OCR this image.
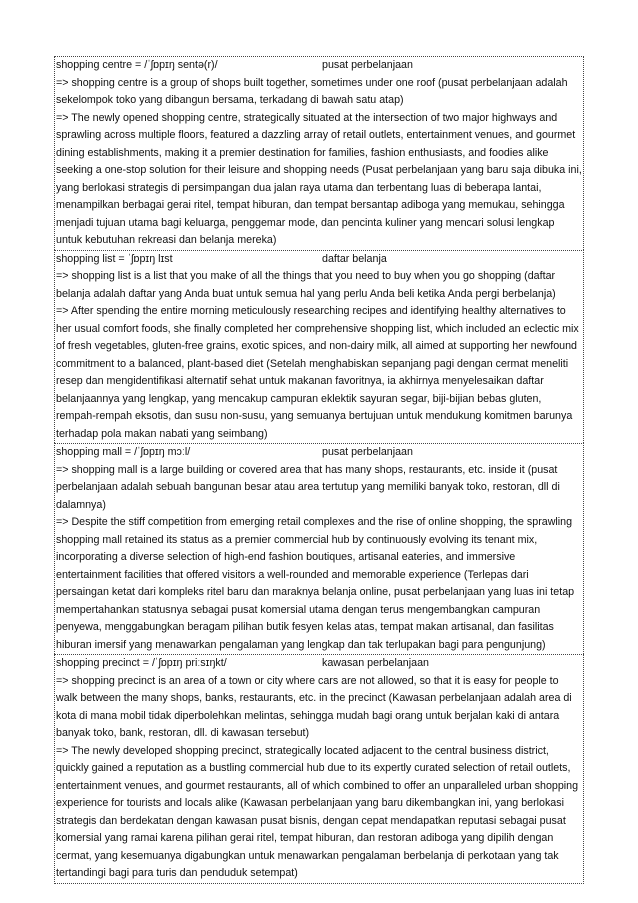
shopping centre = /ˈʃɒpɪŋ sentə(r)/	pusat perbelanjaan

=> shopping centre is a group of shops built together, sometimes under one roof (pusat perbelanjaan adalah sekelompok toko yang dibangun bersama, terkadang di bawah satu atap)

=> The newly opened shopping centre, strategically situated at the intersection of two major highways and sprawling across multiple floors, featured a dazzling array of retail outlets, entertainment venues, and gourmet dining establishments, making it a premier destination for families, fashion enthusiasts, and foodies alike seeking a one-stop solution for their leisure and shopping needs (Pusat perbelanjaan yang baru saja dibuka ini, yang berlokasi strategis di persimpangan dua jalan raya utama dan terbentang luas di beberapa lantai, menampilkan berbagai gerai ritel, tempat hiburan, dan tempat bersantap adiboga yang memukau, sehingga menjadi tujuan utama bagi keluarga, penggemar mode, dan pencinta kuliner yang mencari solusi lengkap untuk kebutuhan rekreasi dan belanja mereka)

shopping list = ˈʃɒpɪŋ lɪst	daftar belanja

=> shopping list is a list that you make of all the things that you need to buy when you go shopping (daftar belanja adalah daftar yang Anda buat untuk semua hal yang perlu Anda beli ketika Anda pergi berbelanja)

=> After spending the entire morning meticulously researching recipes and identifying healthy alternatives to her usual comfort foods, she finally completed her comprehensive shopping list, which included an eclectic mix of fresh vegetables, gluten-free grains, exotic spices, and non-dairy milk, all aimed at supporting her newfound commitment to a balanced, plant-based diet (Setelah menghabiskan sepanjang pagi dengan cermat meneliti resep dan mengidentifikasi alternatif sehat untuk makanan favoritnya, ia akhirnya menyelesaikan daftar belanjaannya yang lengkap, yang mencakup campuran eklektik sayuran segar, biji-bijian bebas gluten, rempah-rempah eksotis, dan susu non-susu, yang semuanya bertujuan untuk mendukung komitmen barunya terhadap pola makan nabati yang seimbang)

shopping mall = /ˈʃɒpɪŋ mɔːl/	pusat perbelanjaan

=> shopping mall is a large building or covered area that has many shops, restaurants, etc. inside it (pusat perbelanjaan adalah sebuah bangunan besar atau area tertutup yang memiliki banyak toko, restoran, dll di dalamnya)

=> Despite the stiff competition from emerging retail complexes and the rise of online shopping, the sprawling shopping mall retained its status as a premier commercial hub by continuously evolving its tenant mix, incorporating a diverse selection of high-end fashion boutiques, artisanal eateries, and immersive entertainment facilities that offered visitors a well-rounded and memorable experience (Terlepas dari persaingan ketat dari kompleks ritel baru dan maraknya belanja online, pusat perbelanjaan yang luas ini tetap mempertahankan statusnya sebagai pusat komersial utama dengan terus mengembangkan campuran penyewa, menggabungkan beragam pilihan butik fesyen kelas atas, tempat makan artisanal, dan fasilitas hiburan imersif yang menawarkan pengalaman yang lengkap dan tak terlupakan bagi para pengunjung)

shopping precinct = /ˈʃɒpɪŋ priːsɪŋkt/	kawasan perbelanjaan

=> shopping precinct is an area of a town or city where cars are not allowed, so that it is easy for people to walk between the many shops, banks, restaurants, etc. in the precinct (Kawasan perbelanjaan adalah area di kota di mana mobil tidak diperbolehkan melintas, sehingga mudah bagi orang untuk berjalan kaki di antara banyak toko, bank, restoran, dll. di kawasan tersebut)

=> The newly developed shopping precinct, strategically located adjacent to the central business district, quickly gained a reputation as a bustling commercial hub due to its expertly curated selection of retail outlets, entertainment venues, and gourmet restaurants, all of which combined to offer an unparalleled urban shopping experience for tourists and locals alike (Kawasan perbelanjaan yang baru dikembangkan ini, yang berlokasi strategis dan berdekatan dengan kawasan pusat bisnis, dengan cepat mendapatkan reputasi sebagai pusat komersial yang ramai karena pilihan gerai ritel, tempat hiburan, dan restoran adiboga yang dipilih dengan cermat, yang kesemuanya digabungkan untuk menawarkan pengalaman berbelanja di perkotaan yang tak tertandingi bagi para turis dan penduduk setempat)
